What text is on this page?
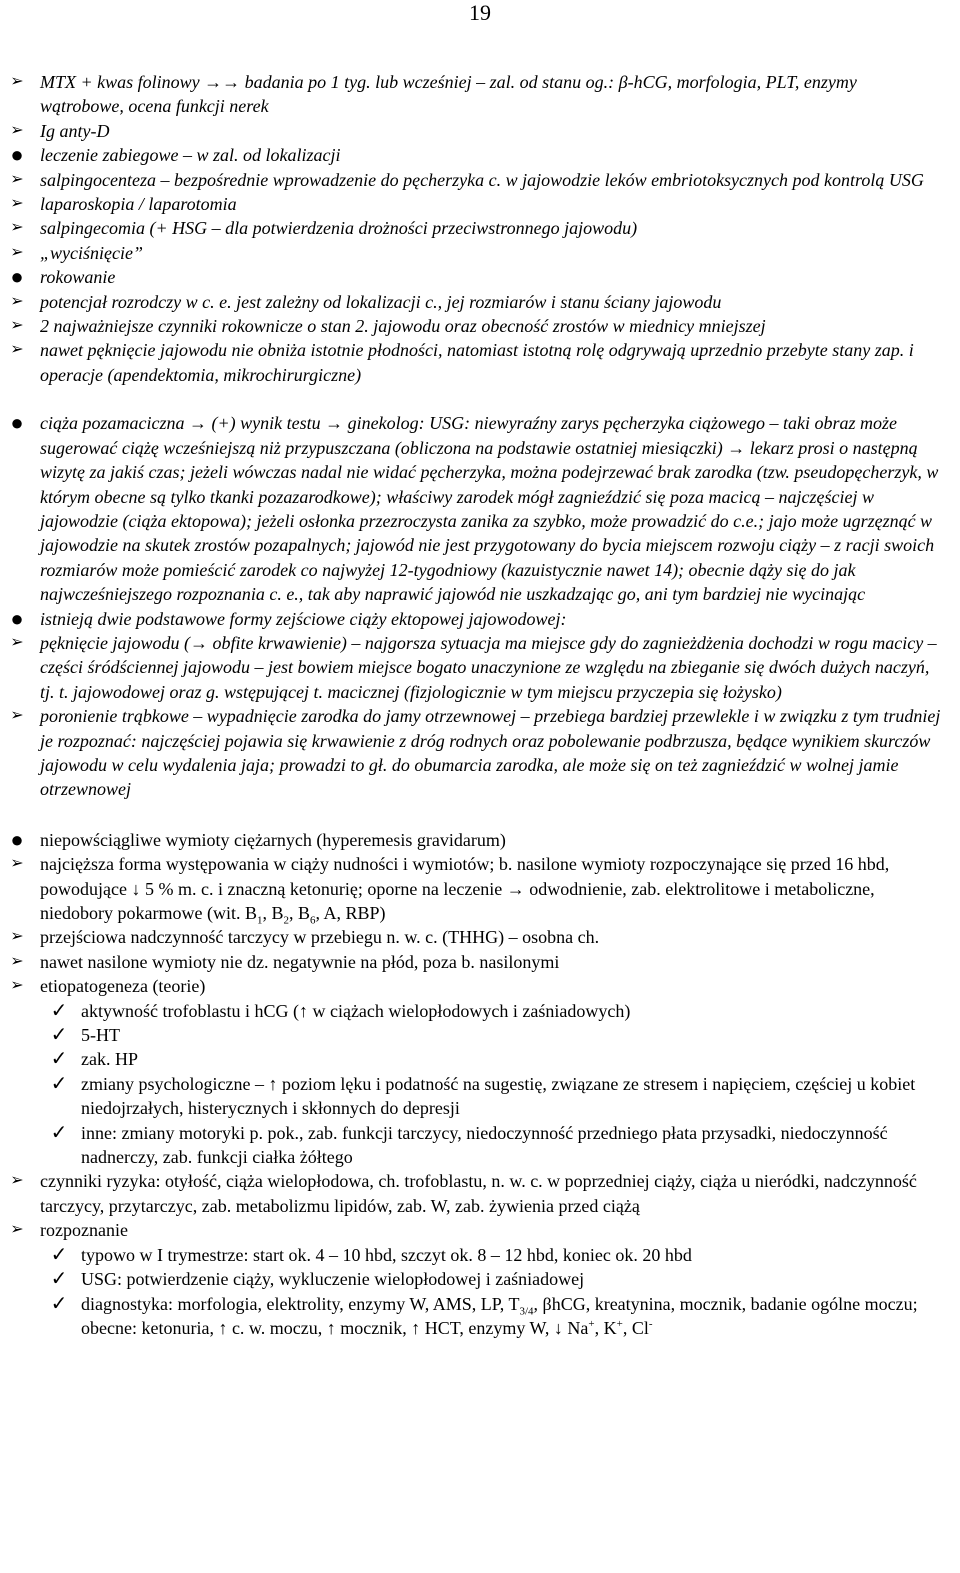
19
➢ MTX + kwas folinowy →→ badania po 1 tyg. lub wcześniej – zal. od stanu og.: β-hCG, morfologia, PLT, enzymy wątrobowe, ocena funkcji nerek
➢ Ig anty-D
● leczenie zabiegowe – w zal. od lokalizacji
➢ salpingocenteza – bezpośrednie wprowadzenie do pęcherzyka c. w jajowodzie leków embriotoksycznych pod kontrolą USG
➢ laparoskopia / laparotomia
➢ salpingecomia (+ HSG – dla potwierdzenia drożności przeciwstronnego jajowodu)
➢ „wyciśnięcie”
● rokowanie
➢ potencjał rozrodczy w c. e. jest zależny od lokalizacji c., jej rozmiarów i stanu ściany jajowodu
➢ 2 najważniejsze czynniki rokownicze o stan 2. jajowodu oraz obecność zrostów w miednicy mniejszej
➢ nawet pęknięcie jajowodu nie obniża istotnie płodności, natomiast istotną rolę odgrywają uprzednio przebyte stany zap. i operacje (apendektomia, mikrochirurgiczne)
● ciąża pozamaciczna → (+) wynik testu → ginekolog: USG: niewyraźny zarys pęcherzyka ciążowego – taki obraz może sugerować ciążę wcześniejszą niż przypuszczana (obliczona na podstawie ostatniej miesiączki) → lekarz prosi o następną wizytę za jakiś czas; jeżeli wówczas nadal nie widać pęcherzyka, można podejrzewać brak zarodka (tzw. pseudopęcherzyk, w którym obecne są tylko tkanki pozazarodkowe); właściwy zarodek mógł zagnieździć się poza macicą – najczęściej w jajowodzie (ciąża ektopowa); jeżeli osłonka przezroczysta zanika za szybko, może prowadzić do c.e.; jajo może ugrzęznąć w jajowodzie na skutek zrostów pozapalnych; jajowód nie jest przygotowany do bycia miejscem rozwoju ciąży – z racji swoich rozmiarów może pomieścić zarodek co najwyżej 12-tygodniowy (kazuistycznie nawet 14); obecnie dąży się do jak najwcześniejszego rozpoznania c. e., tak aby naprawić jajowód nie uszkadzając go, ani tym bardziej nie wycinając
● istnieją dwie podstawowe formy zejściowe ciąży ektopowej jajowodowej:
➢ pęknięcie jajowodu (→ obfite krwawienie) – najgorsza sytuacja ma miejsce gdy do zagnieżdżenia dochodzi w rogu macicy – części śródściennej jajowodu – jest bowiem miejsce bogato unaczynione ze względu na zbieganie się dwóch dużych naczyń, tj. t. jajowodowej oraz g. wstępującej t. macicznej (fizjologicznie w tym miejscu przyczepia się łożysko)
➢ poronienie trąbkowe – wypadnięcie zarodka do jamy otrzewnowej – przebiega bardziej przewlekle i w związku z tym trudniej je rozpoznać: najczęściej pojawia się krwawienie z dróg rodnych oraz pobolewanie podbrzusza, będące wynikiem skurczów jajowodu w celu wydalenia jaja; prowadzi to gł. do obumarcia zarodka, ale może się on też zagnieździć w wolnej jamie otrzewnowej
● niepowściągliwe wymioty ciężarnych (hyperemesis gravidarum)
➢ najcięższa forma występowania w ciąży nudności i wymiotów; b. nasilone wymioty rozpoczynające się przed 16 hbd, powodujące ↓ 5 % m. c. i znaczną ketonurię; oporne na leczenie → odwodnienie, zab. elektrolitowe i metaboliczne, niedobory pokarmowe (wit. $B_1$, $B_2$, $B_6$, A, RBP)
➢ przejściowa nadczynność tarczycy w przebiegu n. w. c. (THHG) – osobna ch.
➢ nawet nasilone wymioty nie dz. negatywnie na płód, poza b. nasilonymi
➢ etiopatogeneza (teorie)
✓ aktywność trofoblastu i hCG (↑ w ciążach wielopłodowych i zaśniadowych)
✓ 5-HT
✓ zak. HP
✓ zmiany psychologiczne – ↑ poziom lęku i podatność na sugestię, związane ze stresem i napięciem, częściej u kobiet niedojrzałych, histerycznych i skłonnych do depresji
✓ inne: zmiany motoryki p. pok., zab. funkcji tarczycy, niedoczynność przedniego płata przysadki, niedoczynność nadnerczy, zab. funkcji ciałka żółtego
➢ czynniki ryzyka: otyłość, ciąża wielopłodowa, ch. trofoblastu, n. w. c. w poprzedniej ciąży, ciąża u nieródki, nadczynność tarczycy, przytarczyc, zab. metabolizmu lipidów, zab. W, zab. żywienia przed ciążą
➢ rozpoznanie
✓ typowo w I trymestrze: start ok. 4 – 10 hbd, szczyt ok. 8 – 12 hbd, koniec ok. 20 hbd
✓ USG: potwierdzenie ciąży, wykluczenie wielopłodowej i zaśniadowej
✓ diagnostyka: morfologia, elektrolity, enzymy W, AMS, LP, $T_{3/4}$, βhCG, kreatynina, mocznik, badanie ogólne moczu; obecne: ketonuria, ↑ c. w. moczu, ↑ mocznik, ↑ HCT, enzymy W, ↓ Na+, K+, Cl-
